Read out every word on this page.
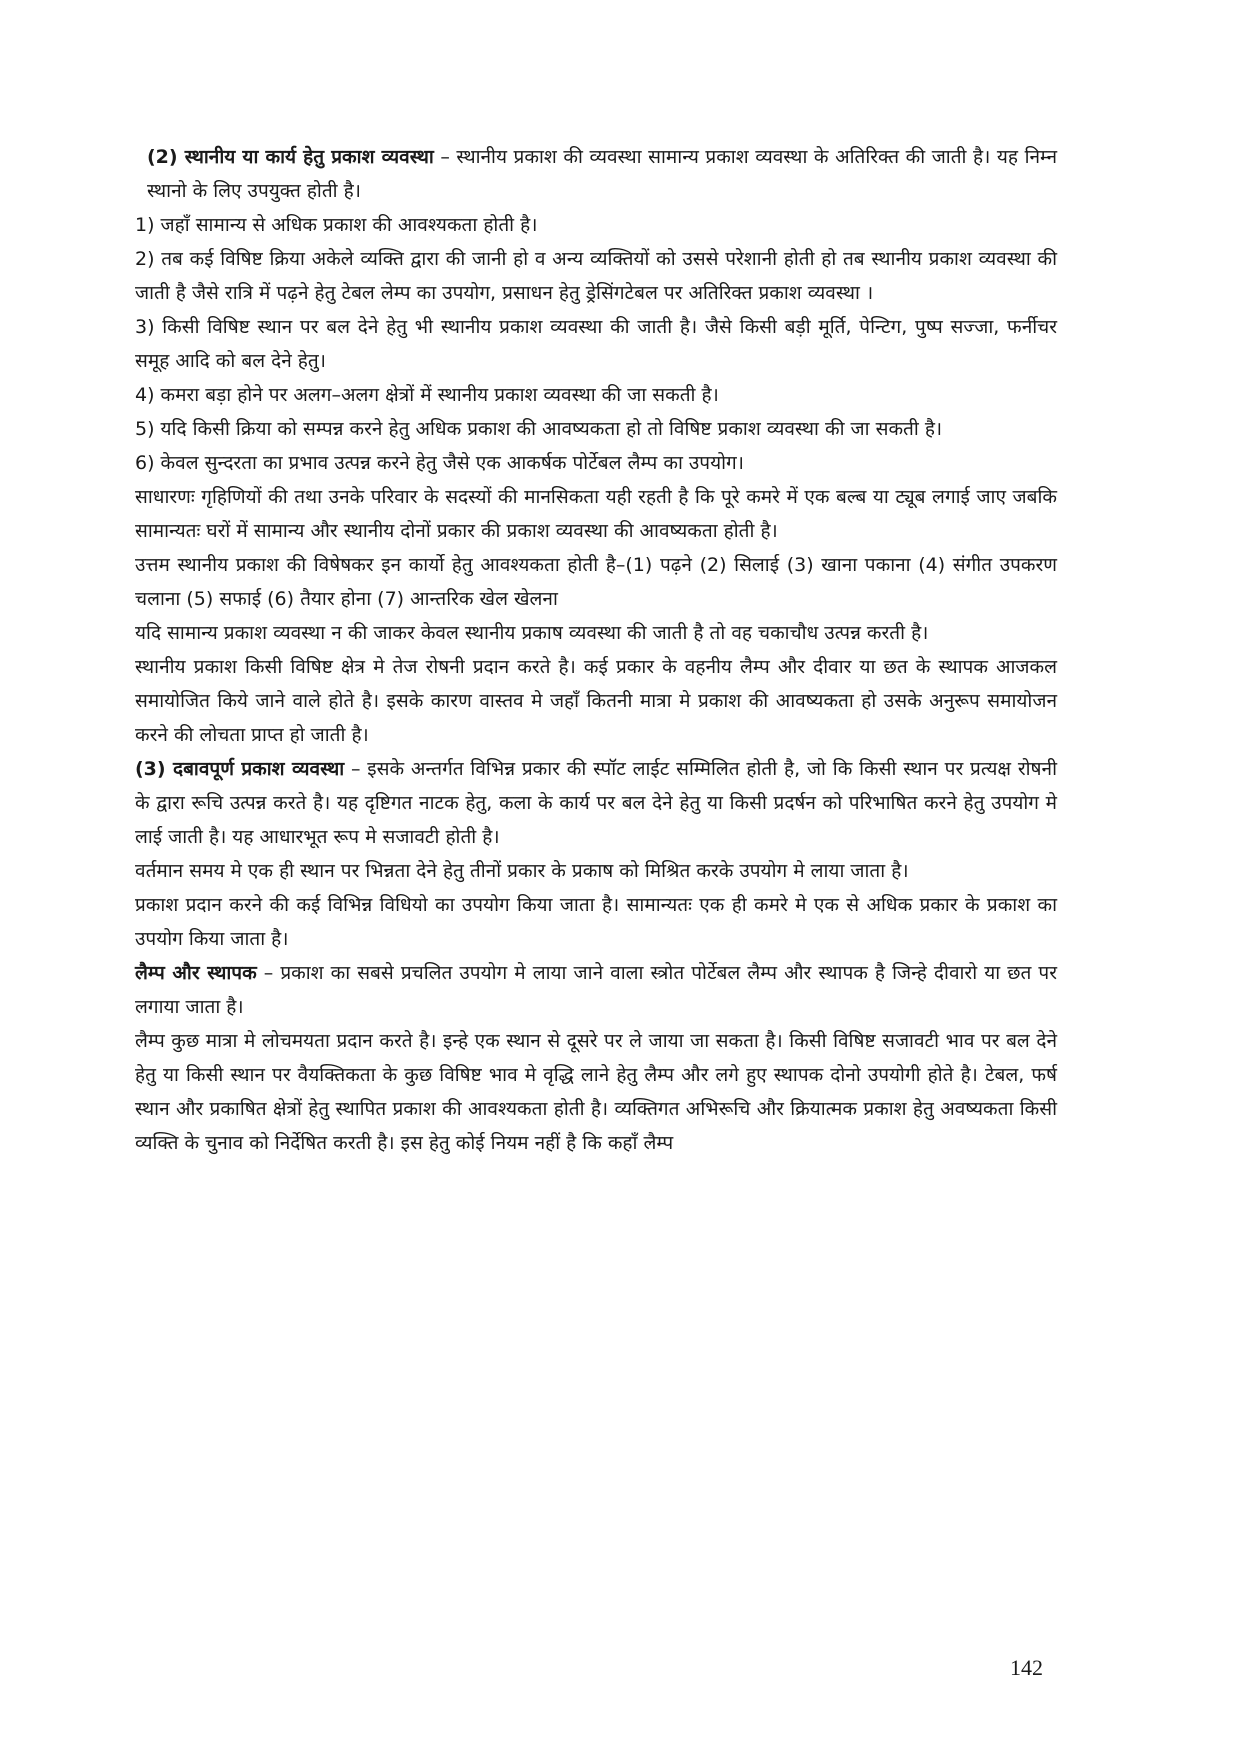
(2) स्थानीय या कार्य हेतु प्रकाश व्यवस्था – स्थानीय प्रकाश की व्यवस्था सामान्य प्रकाश व्यवस्था के अतिरिक्त की जाती है। यह निम्न स्थानो के लिए उपयुक्त होती है।

1) जहाँ सामान्य से अधिक प्रकाश की आवश्यकता होती है।

2) तब कई विषिष्ट क्रिया अकेले व्यक्ति द्वारा की जानी हो व अन्य व्यक्तियों को उससे परेशानी होती हो तब स्थानीय प्रकाश व्यवस्था की जाती है जैसे रात्रि में पढ़ने हेतु टेबल लेम्प का उपयोग, प्रसाधन हेतु ड्रेसिंगटेबल पर अतिरिक्त प्रकाश व्यवस्था ।

3) किसी विषिष्ट स्थान पर बल देने हेतु भी स्थानीय प्रकाश व्यवस्था की जाती है। जैसे किसी बड़ी मूर्ति, पेन्टिग, पुष्प सज्जा, फर्नीचर समूह आदि को बल देने हेतु।

4) कमरा बड़ा होने पर अलग–अलग क्षेत्रों में स्थानीय प्रकाश व्यवस्था की जा सकती है।

5) यदि किसी क्रिया को सम्पन्न करने हेतु अधिक प्रकाश की आवष्यकता हो तो विषिष्ट प्रकाश व्यवस्था की जा सकती है।

6) केवल सुन्दरता का प्रभाव उत्पन्न करने हेतु जैसे एक आकर्षक पोर्टेबल लैम्प का उपयोग।

साधारणः गृहिणियों की तथा उनके परिवार के सदस्यों की मानसिकता यही रहती है कि पूरे कमरे में एक बल्ब या ट्यूब लगाई जाए जबकि सामान्यतः घरों में सामान्य और स्थानीय दोनों प्रकार की प्रकाश व्यवस्था की आवष्यकता होती है।

उत्तम स्थानीय प्रकाश की विषेषकर इन कार्यो हेतु आवश्यकता होती है–(1) पढ़ने (2) सिलाई (3) खाना पकाना (4) संगीत उपकरण चलाना (5) सफाई (6) तैयार होना (7) आन्तरिक खेल खेलना

यदि सामान्य प्रकाश व्यवस्था न की जाकर केवल स्थानीय प्रकाष व्यवस्था की जाती है तो वह चकाचौध उत्पन्न करती है।

स्थानीय प्रकाश किसी विषिष्ट क्षेत्र मे तेज रोषनी प्रदान करते है। कई प्रकार के वहनीय लैम्प और दीवार या छत के स्थापक आजकल समायोजित किये जाने वाले होते है। इसके कारण वास्तव मे जहाँ कितनी मात्रा मे प्रकाश की आवष्यकता हो उसके अनुरूप समायोजन करने की लोचता प्राप्त हो जाती है।

(3) दबावपूर्ण प्रकाश व्यवस्था – इसके अन्तर्गत विभिन्न प्रकार की स्पॉट लाईट सम्मिलित होती है, जो कि किसी स्थान पर प्रत्यक्ष रोषनी के द्वारा रूचि उत्पन्न करते है। यह दृष्टिगत नाटक हेतु, कला के कार्य पर बल देने हेतु या किसी प्रदर्षन को परिभाषित करने हेतु उपयोग मे लाई जाती है। यह आधारभूत रूप मे सजावटी होती है।

वर्तमान समय मे एक ही स्थान पर भिन्नता देने हेतु तीनों प्रकार के प्रकाष को मिश्रित करके उपयोग मे लाया जाता है।

प्रकाश प्रदान करने की कई विभिन्न विधियो का उपयोग किया जाता है। सामान्यतः एक ही कमरे मे एक से अधिक प्रकार के प्रकाश का उपयोग किया जाता है।

लैम्प और स्थापक – प्रकाश का सबसे प्रचलित उपयोग मे लाया जाने वाला स्त्रोत पोर्टेबल लैम्प और स्थापक है जिन्हे दीवारो या छत पर लगाया जाता है।

लैम्प कुछ मात्रा मे लोचमयता प्रदान करते है। इन्हे एक स्थान से दूसरे पर ले जाया जा सकता है। किसी विषिष्ट सजावटी भाव पर बल देने हेतु या किसी स्थान पर वैयक्तिकता के कुछ विषिष्ट भाव मे वृद्धि लाने हेतु लैम्प और लगे हुए स्थापक दोनो उपयोगी होते है। टेबल, फर्ष स्थान और प्रकाषित क्षेत्रों हेतु स्थापित प्रकाश की आवश्यकता होती है। व्यक्तिगत अभिरूचि और क्रियात्मक प्रकाश हेतु अवष्यकता किसी व्यक्ति के चुनाव को निर्देषित करती है। इस हेतु कोई नियम नहीं है कि कहाँ लैम्प

142
